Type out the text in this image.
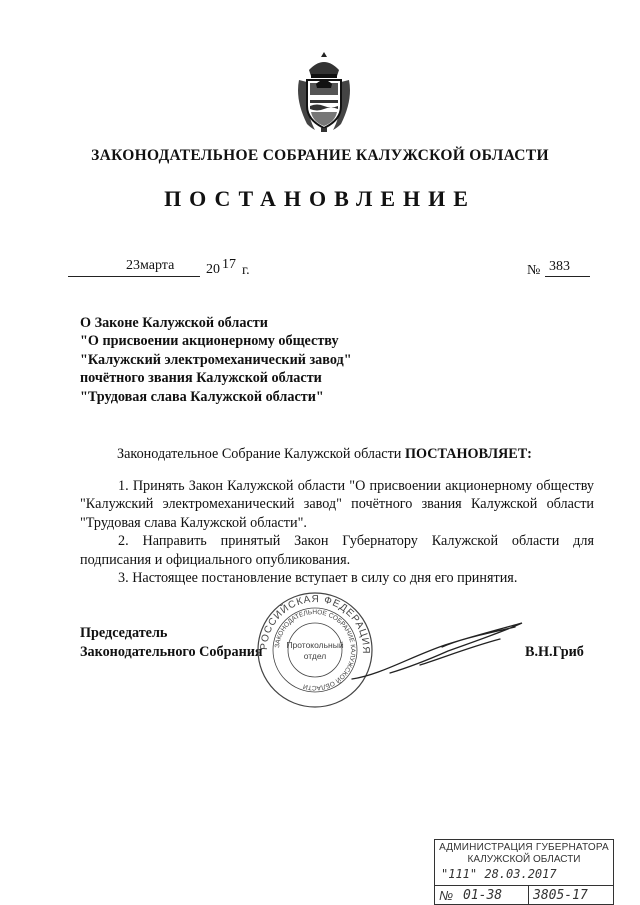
ЗАКОНОДАТЕЛЬНОЕ СОБРАНИЕ КАЛУЖСКОЙ ОБЛАСТИ
ПОСТАНОВЛЕНИЕ
23 марта	20 17 г.	№ 383
О Законе Калужской области
"О присвоении акционерному обществу
"Калужский электромеханический завод"
почётного звания Калужской области
"Трудовая слава Калужской области"
Законодательное Собрание Калужской области ПОСТАНОВЛЯЕТ:

1. Принять Закон Калужской области "О присвоении акционерному обществу "Калужский электромеханический завод" почётного звания Калужской области "Трудовая слава Калужской области".

2. Направить принятый Закон Губернатору Калужской области для подписания и официального опубликования.

3. Настоящее постановление вступает в силу со дня его принятия.

Председатель
Законодательного Собрания	В.Н.Гриб
РОССИЙСКАЯ ФЕДЕРАЦИЯ
ЗАКОНОДАТЕЛЬНОЕ СОБРАНИЕ КАЛУЖСКОЙ ОБЛАСТИ
Протокольный
отдел
АДМИНИСТРАЦИЯ ГУБЕРНАТОРА
КАЛУЖСКОЙ ОБЛАСТИ
"111" 28.03.2017
№ 01-38 3805-17
